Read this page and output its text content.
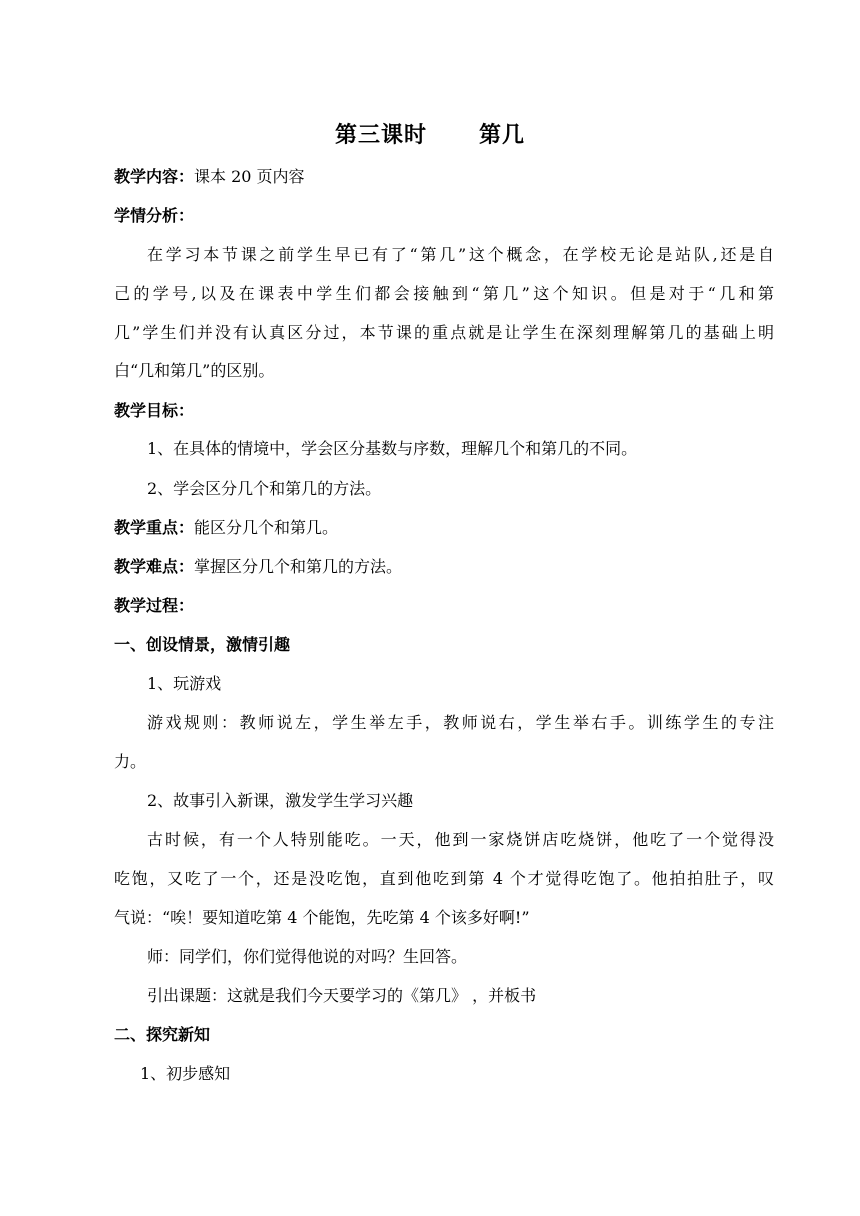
第三课时      第几
教学内容：课本 20 页内容
学情分析：
在学习本节课之前学生早已有了“第几”这个概念，在学校无论是站队,还是自
己的学号,以及在课表中学生们都会接触到“第几”这个知识。但是对于“几和第
几”学生们并没有认真区分过，本节课的重点就是让学生在深刻理解第几的基础上明
白“几和第几”的区别。
教学目标：
1、在具体的情境中，学会区分基数与序数，理解几个和第几的不同。
2、学会区分几个和第几的方法。
教学重点：能区分几个和第几。
教学难点：掌握区分几个和第几的方法。
教学过程：
一、创设情景，激情引趣
1、玩游戏
游戏规则：教师说左，学生举左手，教师说右，学生举右手。训练学生的专注
力。
2、故事引入新课，激发学生学习兴趣
古时候，有一个人特别能吃。一天，他到一家烧饼店吃烧饼，他吃了一个觉得没
吃饱，又吃了一个，还是没吃饱，直到他吃到第 4 个才觉得吃饱了。他拍拍肚子，叹
气说：“唉！要知道吃第 4 个能饱，先吃第 4 个该多好啊!”
师：同学们，你们觉得他说的对吗？生回答。
引出课题：这就是我们今天要学习的《第几》 ，并板书
二、探究新知
1、初步感知
